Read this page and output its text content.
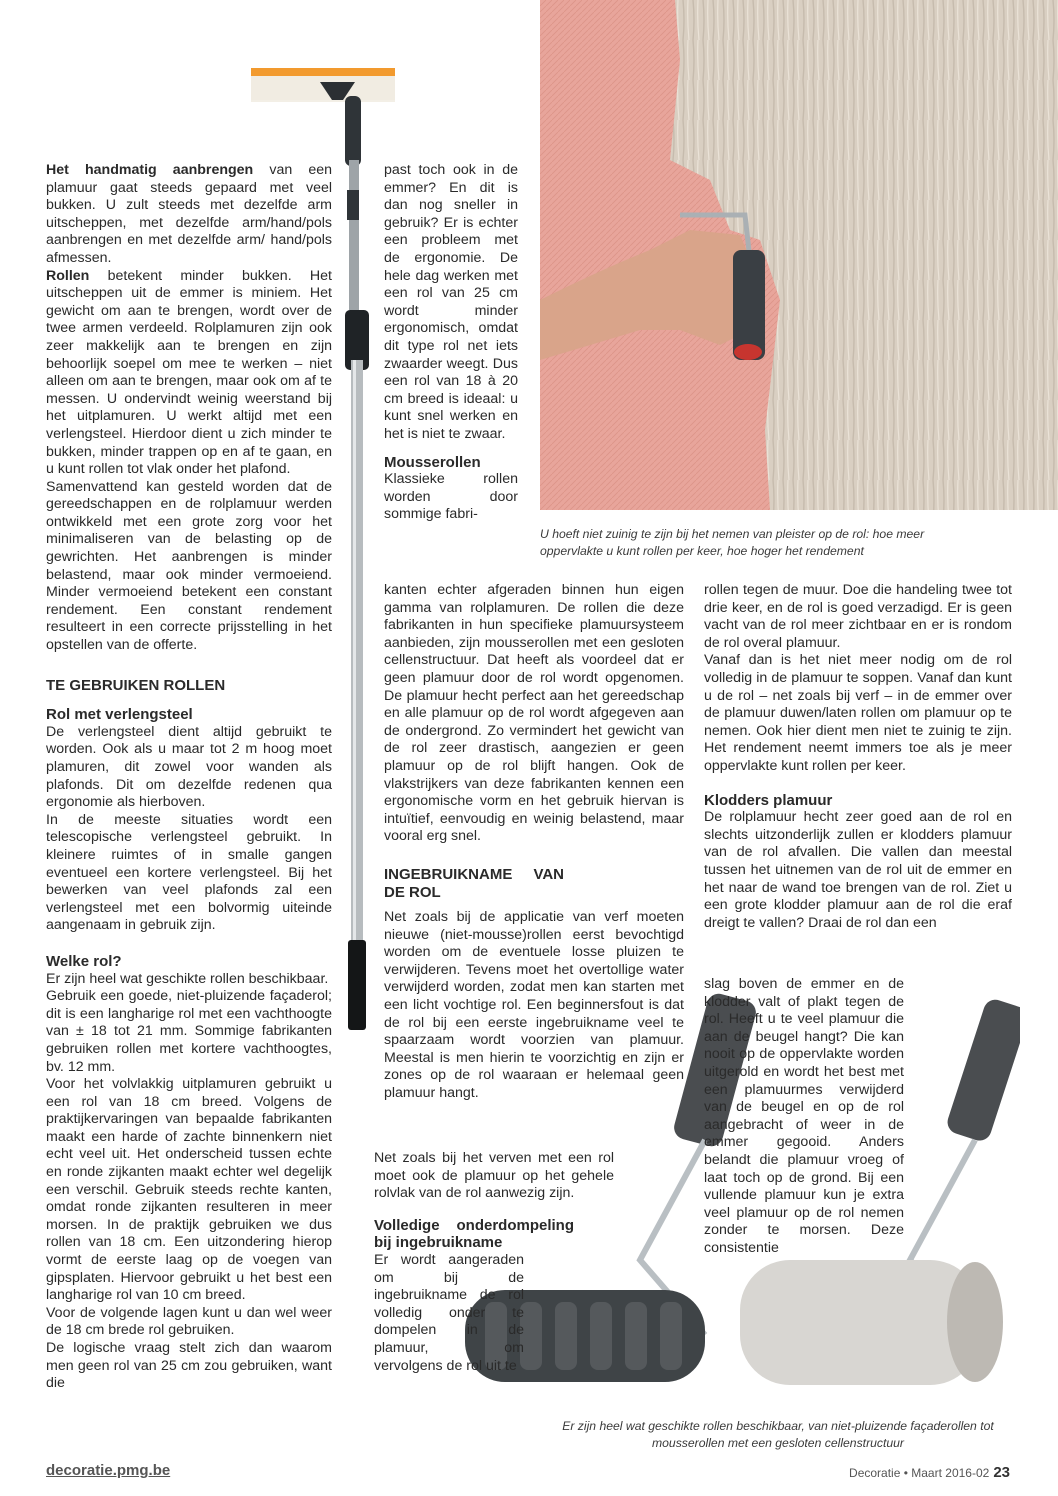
Het handmatig aanbrengen van een plamuur gaat steeds gepaard met veel bukken. U zult steeds met dezelfde arm uitscheppen, met dezelfde arm/hand/pols aanbrengen en met dezelfde arm/ hand/pols afmessen.

Rollen betekent minder bukken. Het uitscheppen uit de emmer is miniem. Het gewicht om aan te brengen, wordt over de twee armen verdeeld. Rolplamuren zijn ook zeer makkelijk aan te brengen en zijn behoorlijk soepel om mee te werken – niet alleen om aan te brengen, maar ook om af te messen. U ondervindt weinig weerstand bij het uitplamuren. U werkt altijd met een verlengsteel. Hierdoor dient u zich minder te bukken, minder trappen op en af te gaan, en u kunt rollen tot vlak onder het plafond.

Samenvattend kan gesteld worden dat de gereedschappen en de rolplamuur werden ontwikkeld met een grote zorg voor het minimaliseren van de belasting op de gewrichten. Het aanbrengen is minder belastend, maar ook minder vermoeiend. Minder vermoeiend betekent een constant rendement. Een constant rendement resulteert in een correcte prijsstelling in het opstellen van de offerte.

TE GEBRUIKEN ROLLEN
Rol met verlengsteel

De verlengsteel dient altijd gebruikt te worden. Ook als u maar tot 2 m hoog moet plamuren, dit zowel voor wanden als plafonds. Dit om dezelfde redenen qua ergonomie als hierboven.

In de meeste situaties wordt een telescopische verlengsteel gebruikt. In kleinere ruimtes of in smalle gangen eventueel een kortere verlengsteel. Bij het bewerken van veel plafonds zal een verlengsteel met een bolvormig uiteinde aangenaam in gebruik zijn.

Welke rol?

Er zijn heel wat geschikte rollen beschikbaar.

Gebruik een goede, niet-pluizende façaderol; dit is een langharige rol met een vachthoogte van ± 18 tot 21 mm. Sommige fabrikanten gebruiken rollen met kortere vachthoogtes, bv. 12 mm.

Voor het volvlakkig uitplamuren gebruikt u een rol van 18 cm breed. Volgens de praktijkervaringen van bepaalde fabrikanten maakt een harde of zachte binnenkern niet echt veel uit. Het onderscheid tussen echte en ronde zijkanten maakt echter wel degelijk een verschil. Gebruik steeds rechte kanten, omdat ronde zijkanten resulteren in meer morsen. In de praktijk gebruiken we dus rollen van 18 cm. Een uitzondering hierop vormt de eerste laag op de voegen van gipsplaten. Hiervoor gebruikt u het best een langharige rol van 10 cm breed.

Voor de volgende lagen kunt u dan wel weer de 18 cm brede rol gebruiken.

De logische vraag stelt zich dan waarom men geen rol van 25 cm zou gebruiken, want die

past toch ook in de emmer? En dit is dan nog sneller in gebruik? Er is echter een probleem met de ergonomie. De hele dag werken met een rol van 25 cm wordt minder ergonomisch, omdat dit type rol net iets zwaarder weegt. Dus een rol van 18 à 20 cm breed is ideaal: u kunt snel werken en het is niet te zwaar.

Mousserollen

Klassieke rollen worden door sommige fabri-

kanten echter afgeraden binnen hun eigen gamma van rolplamuren. De rollen die deze fabrikanten in hun specifieke plamuursysteem aanbieden, zijn mousserollen met een gesloten cellenstructuur. Dat heeft als voordeel dat er geen plamuur door de rol wordt opgenomen. De plamuur hecht perfect aan het gereedschap en alle plamuur op de rol wordt afgegeven aan de ondergrond. Zo vermindert het gewicht van de rol zeer drastisch, aangezien er geen plamuur op de rol blijft hangen. Ook de vlakstrijkers van deze fabrikanten kennen een ergonomische vorm en het gebruik hiervan is intuïtief, eenvoudig en weinig belastend, maar vooral erg snel.

INGEBRUIKNAME VAN DE ROL

Net zoals bij de applicatie van verf moeten nieuwe (niet-mousse)rollen eerst bevochtigd worden om de eventuele losse pluizen te verwijderen. Tevens moet het overtollige water verwijderd worden, zodat men kan starten met een licht vochtige rol. Een beginnersfout is dat de rol bij een eerste ingebruikname veel te spaarzaam wordt voorzien van plamuur. Meestal is men hierin te voorzichtig en zijn er zones op de rol waaraan er helemaal geen plamuur hangt.

Net zoals bij het verven met een rol moet ook de plamuur op het gehele rolvlak van de rol aanwezig zijn.

Volledige onderdompeling bij ingebruikname

Er wordt aangeraden om bij de ingebruikname de rol volledig onder te dompelen in de plamuur, om vervolgens de rol uit te

rollen tegen de muur. Doe die handeling twee tot drie keer, en de rol is goed verzadigd. Er is geen vacht van de rol meer zichtbaar en er is rondom de rol overal plamuur.

Vanaf dan is het niet meer nodig om de rol volledig in de plamuur te soppen. Vanaf dan kunt u de rol – net zoals bij verf – in de emmer over de plamuur duwen/laten rollen om plamuur op te nemen. Ook hier dient men niet te zuinig te zijn. Het rendement neemt immers toe als je meer oppervlakte kunt rollen per keer.

Klodders plamuur

De rolplamuur hecht zeer goed aan de rol en slechts uitzonderlijk zullen er klodders plamuur van de rol afvallen. Die vallen dan meestal tussen het uitnemen van de rol uit de emmer en het naar de wand toe brengen van de rol. Ziet u een grote klodder plamuur aan de rol die eraf dreigt te vallen? Draai de rol dan een

slag boven de emmer en de klodder valt of plakt tegen de rol. Heeft u te veel plamuur die aan de beugel hangt? Die kan nooit op de oppervlakte worden uitgerold en wordt het best met een plamuurmes verwijderd van de beugel en op de rol aangebracht of weer in de emmer gegooid. Anders belandt die plamuur vroeg of laat toch op de grond. Bij een vullende plamuur kun je extra veel plamuur op de rol nemen zonder te morsen. Deze consistentie

U hoeft niet zuinig te zijn bij het nemen van pleister op de rol: hoe meer oppervlakte u kunt rollen per keer, hoe hoger het rendement
Er zijn heel wat geschikte rollen beschikbaar, van niet-pluizende façaderollen tot mousserollen met een gesloten cellenstructuur
decoratie.pmg.be	Decoratie • Maart 2016-02 23
